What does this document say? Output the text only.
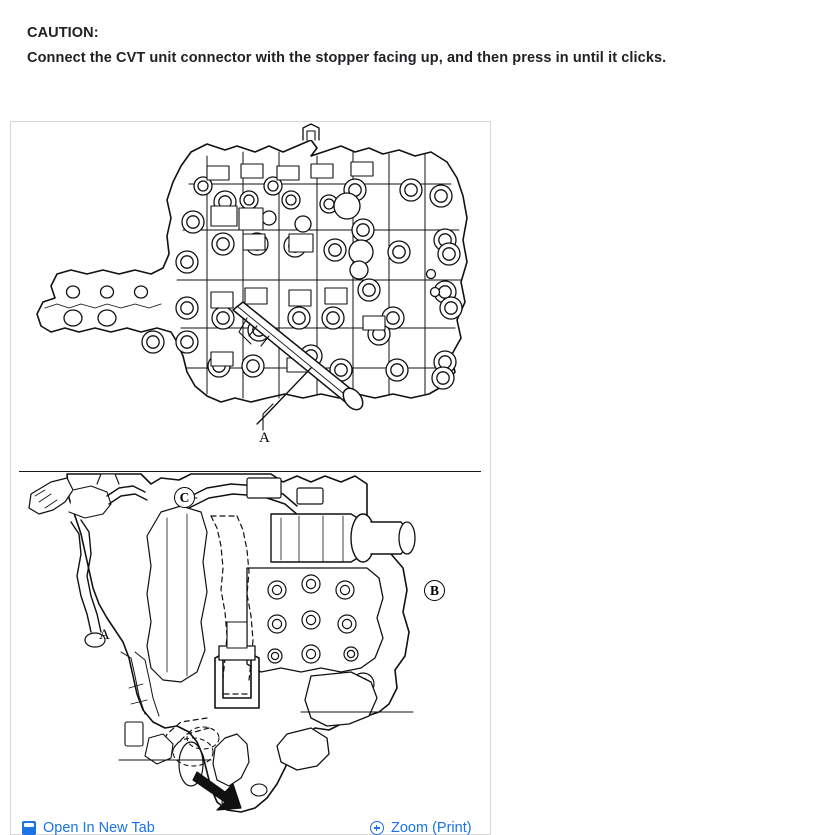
CAUTION:
Connect the CVT unit connector with the stopper facing up, and then press in until it clicks.
A
C
B
A
Open In New Tab	Zoom (Print)
